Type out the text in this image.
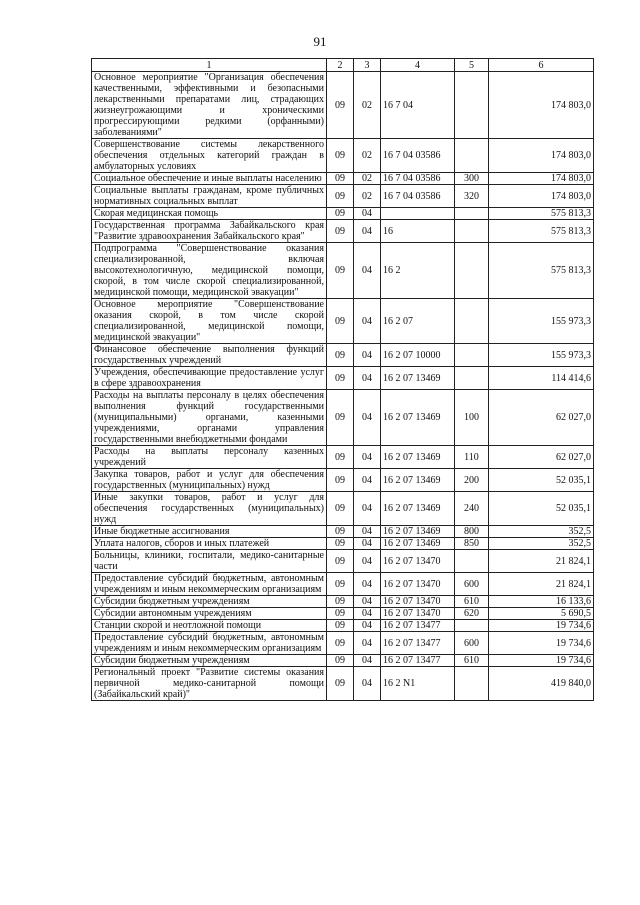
91
1	2	3	4	5	6
Основное мероприятие "Организация обеспечения качественными, эффективными и безопасными лекарственными препаратами лиц, страдающих жизнеугрожающими и хроническими прогрессирующими редкими (орфанными) заболеваниями"	09	02	16 7 04		174 803,0
Совершенствование системы лекарственного обеспечения отдельных категорий граждан в амбулаторных условиях	09	02	16 7 04 03586		174 803,0
Социальное обеспечение и иные выплаты населению	09	02	16 7 04 03586	300	174 803,0
Социальные выплаты гражданам, кроме публичных нормативных социальных выплат	09	02	16 7 04 03586	320	174 803,0
Скорая медицинская помощь	09	04			575 813,3
Государственная программа Забайкальского края "Развитие здравоохранения Забайкальского края"	09	04	16		575 813,3
Подпрограмма "Совершенствование оказания специализированной, включая высокотехнологичную, медицинской помощи, скорой, в том числе скорой специализированной, медицинской помощи, медицинской эвакуации"	09	04	16 2		575 813,3
Основное мероприятие "Совершенствование оказания скорой, в том числе скорой специализированной, медицинской помощи, медицинской эвакуации"	09	04	16 2 07		155 973,3
Финансовое обеспечение выполнения функций государственных учреждений	09	04	16 2 07 10000		155 973,3
Учреждения, обеспечивающие предоставление услуг в сфере здравоохранения	09	04	16 2 07 13469		114 414,6
Расходы на выплаты персоналу в целях обеспечения выполнения функций государственными (муниципальными) органами, казенными учреждениями, органами управления государственными внебюджетными фондами	09	04	16 2 07 13469	100	62 027,0
Расходы на выплаты персоналу казенных учреждений	09	04	16 2 07 13469	110	62 027,0
Закупка товаров, работ и услуг для обеспечения государственных (муниципальных) нужд	09	04	16 2 07 13469	200	52 035,1
Иные закупки товаров, работ и услуг для обеспечения государственных (муниципальных) нужд	09	04	16 2 07 13469	240	52 035,1
Иные бюджетные ассигнования	09	04	16 2 07 13469	800	352,5
Уплата налогов, сборов и иных платежей	09	04	16 2 07 13469	850	352,5
Больницы, клиники, госпитали, медико-санитарные части	09	04	16 2 07 13470		21 824,1
Предоставление субсидий бюджетным, автономным учреждениям и иным некоммерческим организациям	09	04	16 2 07 13470	600	21 824,1
Субсидии бюджетным учреждениям	09	04	16 2 07 13470	610	16 133,6
Субсидии автономным учреждениям	09	04	16 2 07 13470	620	5 690,5
Станции скорой и неотложной помощи	09	04	16 2 07 13477		19 734,6
Предоставление субсидий бюджетным, автономным учреждениям и иным некоммерческим организациям	09	04	16 2 07 13477	600	19 734,6
Субсидии бюджетным учреждениям	09	04	16 2 07 13477	610	19 734,6
Региональный проект "Развитие системы оказания первичной медико-санитарной помощи (Забайкальский край)"	09	04	16 2 N1		419 840,0
